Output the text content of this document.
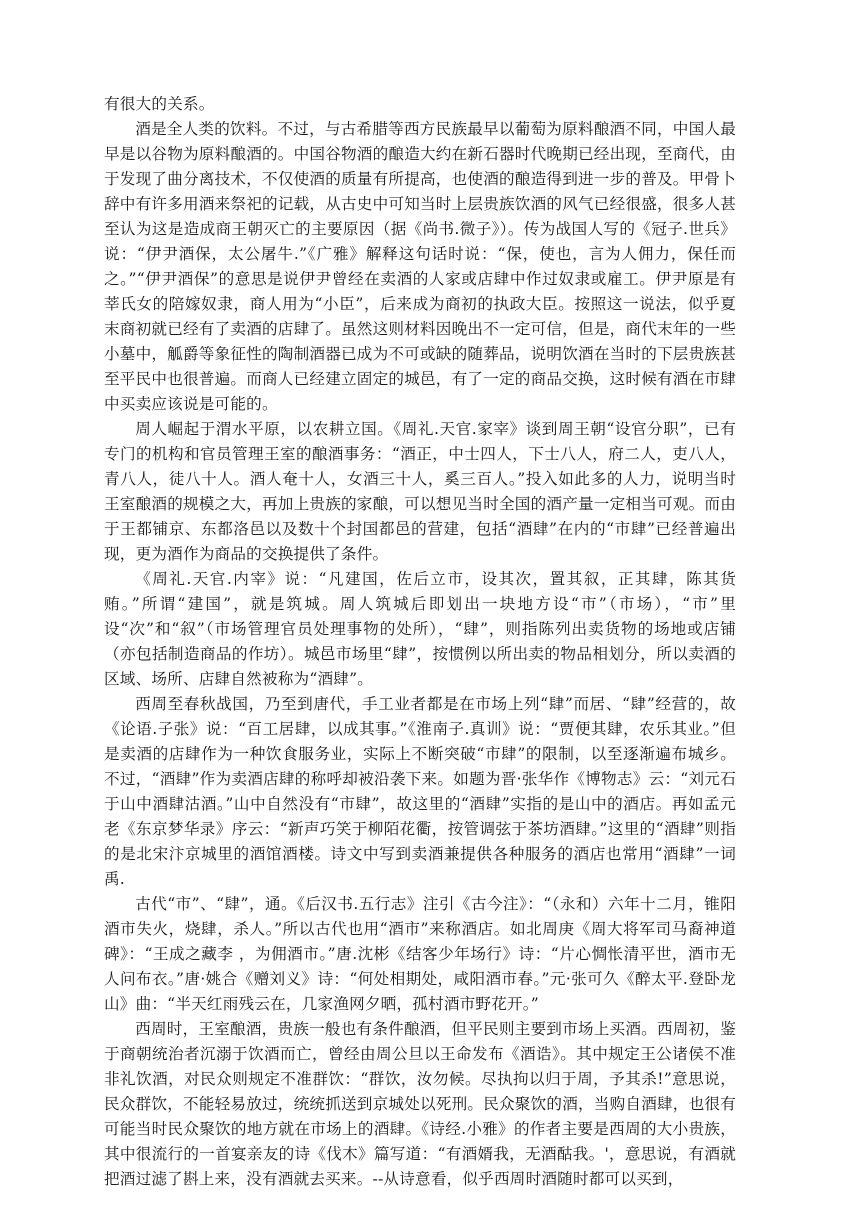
有很大的关系。

酒是全人类的饮料。不过，与古希腊等西方民族最早以葡萄为原料酿酒不同，中国人最早是以谷物为原料酿酒的。中国谷物酒的酿造大约在新石器时代晚期已经出现，至商代，由于发现了曲分离技术，不仅使酒的质量有所提高，也使酒的酿造得到进一步的普及。甲骨卜辞中有许多用酒来祭祀的记载，从古史中可知当时上层贵族饮酒的风气已经很盛，很多人甚至认为这是造成商王朝灭亡的主要原因（据《尚书.微子》）。传为战国人写的《冠子.世兵》说：“伊尹酒保，太公屠牛.”《广雅》解释这句话时说：“保，使也，言为人佣力，保任而之。”“伊尹酒保”的意思是说伊尹曾经在卖酒的人家或店肆中作过奴隶或雇工。伊尹原是有莘氏女的陪嫁奴隶，商人用为“小臣”，后来成为商初的执政大臣。按照这一说法，似乎夏末商初就已经有了卖酒的店肆了。虽然这则材料因晚出不一定可信，但是，商代末年的一些小墓中，觚爵等象征性的陶制酒器已成为不可或缺的随葬品，说明饮酒在当时的下层贵族甚至平民中也很普遍。而商人已经建立固定的城邑，有了一定的商品交换，这时候有酒在市肆中买卖应该说是可能的。

周人崛起于渭水平原，以农耕立国。《周礼.天官.家宰》谈到周王朝“设官分职”，已有专门的机构和官员管理王室的酿酒事务：“酒正，中士四人，下士八人，府二人，吏八人，青八人，徒八十人。酒人奄十人，女酒三十人，奚三百人。”投入如此多的人力，说明当时王室酿酒的规模之大，再加上贵族的家酿，可以想见当时全国的酒产量一定相当可观。而由于王都铺京、东都洛邑以及数十个封国都邑的营建，包括“酒肆”在内的“市肆”已经普遍出现，更为酒作为商品的交换提供了条件。

《周礼.天官.内宰》说：“凡建国，佐后立市，设其次，置其叙，正其肆，陈其货贿。”所谓“建国”，就是筑城。周人筑城后即划出一块地方设“市”（市场），“市”里设“次”和“叙”（市场管理官员处理事物的处所），“肆”，则指陈列出卖货物的场地或店铺（亦包括制造商品的作坊）。城邑市场里“肆”，按惯例以所出卖的物品相划分，所以卖酒的区域、场所、店肆自然被称为“酒肆”。

西周至春秋战国，乃至到唐代，手工业者都是在市场上列“肆”而居、“肆”经营的，故《论语.子张》说：“百工居肆，以成其事。”《淮南子.真训》说：“贾便其肆，农乐其业。”但是卖酒的店肆作为一种饮食服务业，实际上不断突破“市肆”的限制，以至逐渐遍布城乡。不过，“酒肆”作为卖酒店肆的称呼却被沿袭下来。如题为晋·张华作《博物志》云：“刘元石于山中酒肆沽酒。”山中自然没有“市肆”，故这里的“酒肆”实指的是山中的酒店。再如孟元老《东京梦华录》序云：“新声巧笑于柳陌花衢，按管调弦于茶坊酒肆。”这里的“酒肆”则指的是北宋汴京城里的酒馆酒楼。诗文中写到卖酒兼提供各种服务的酒店也常用“酒肆”一词禹.

古代“市”、“肆”，通。《后汉书.五行志》注引《古今注》：“（永和）六年十二月，锥阳酒市失火，烧肆，杀人。”所以古代也用“酒市”来称酒店。如北周庚《周大将军司马裔神道碑》：“王成之藏李 ，为佣酒市。”唐.沈彬《结客少年场行》诗：“片心惆怅清平世，酒市无人问布衣。”唐·姚合《赠刘义》诗：“何处相期处，咸阳酒市春。”元·张可久《醉太平.登卧龙山》曲：“半天红雨残云在，几家渔网夕晒，孤村酒市野花开。”

西周时，王室酿酒，贵族一般也有条件酿酒，但平民则主要到市场上买酒。西周初，鉴于商朝统治者沉溺于饮酒而亡，曾经由周公旦以王命发布《酒诰》。其中规定王公诸侯不准非礼饮酒，对民众则规定不准群饮：“群饮，汝勿候。尽执拘以归于周，予其杀!”意思说，民众群饮，不能轻易放过，统统抓送到京城处以死刑。民众聚饮的酒，当购自酒肆，也很有可能当时民众聚饮的地方就在市场上的酒肆。《诗经.小雅》的作者主要是西周的大小贵族，其中很流行的一首宴亲友的诗《伐木》篇写道：“有酒婿我，无酒酤我。'，意思说，有酒就把酒过滤了斟上来，没有酒就去买来。--从诗意看，似乎西周时酒随时都可以买到，
